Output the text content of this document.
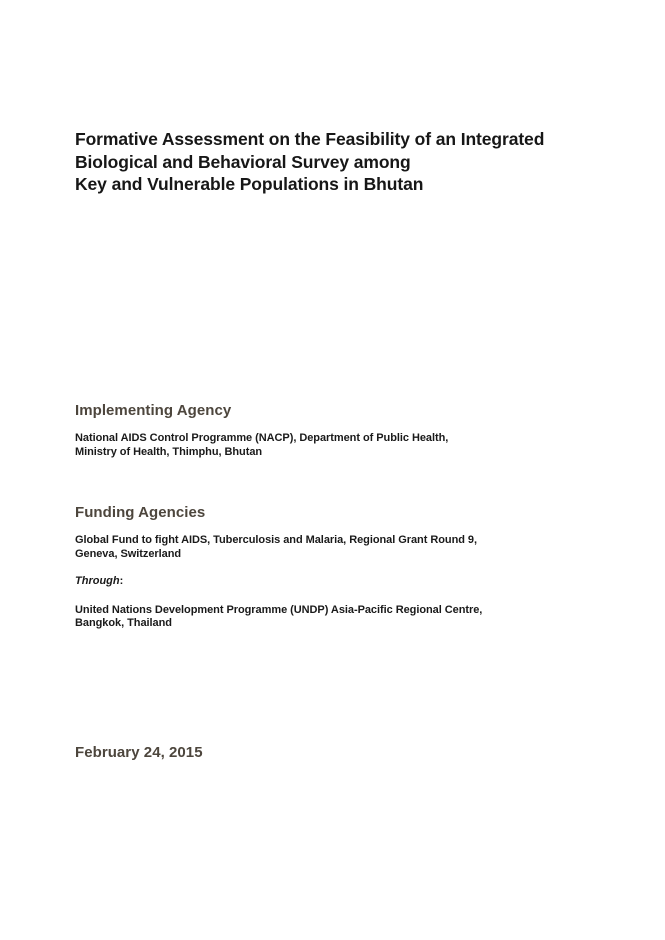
Formative Assessment on the Feasibility of an Integrated
Biological and Behavioral Survey among
Key and Vulnerable Populations in Bhutan
Implementing Agency

National AIDS Control Programme (NACP), Department of Public Health,
Ministry of Health, Thimphu, Bhutan

Funding Agencies

Global Fund to fight AIDS, Tuberculosis and Malaria, Regional Grant Round 9,
Geneva, Switzerland

Through:

United Nations Development Programme (UNDP) Asia-Pacific Regional Centre,
Bangkok, Thailand

February 24, 2015
